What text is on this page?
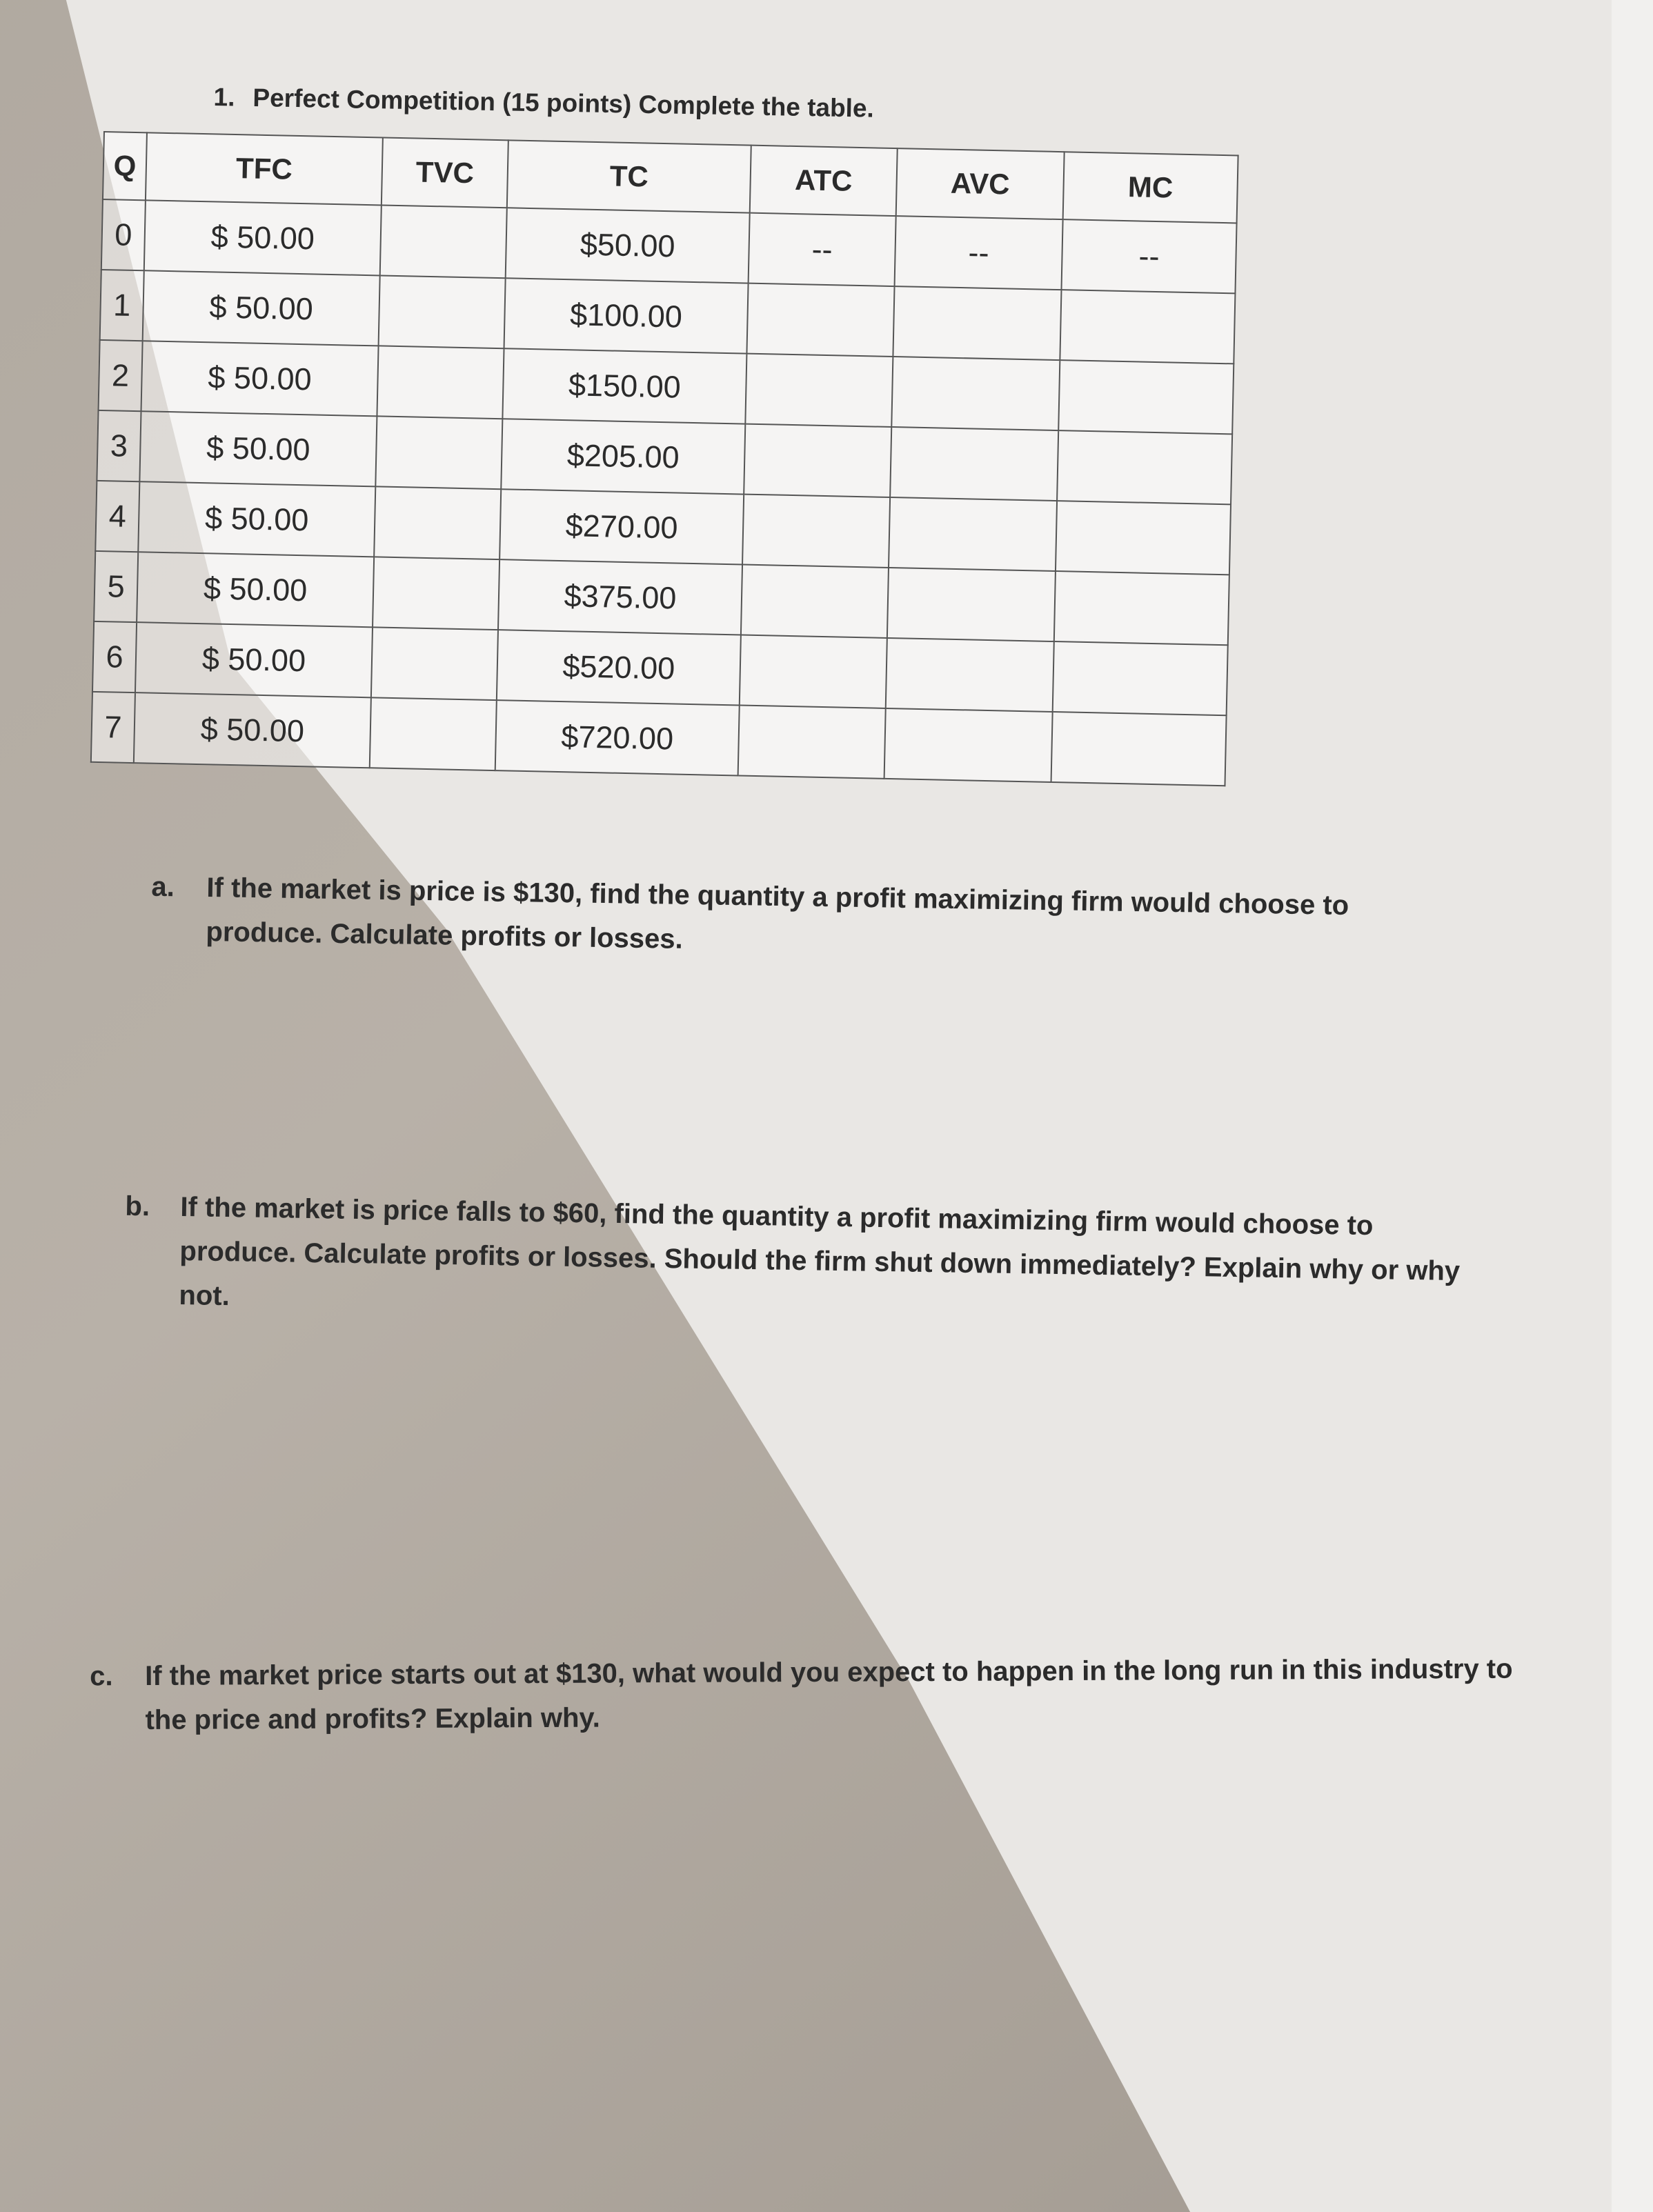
1. Perfect Competition (15 points) Complete the table.
Q	TFC	TVC	TC	ATC	AVC	MC
0	$ 50.00		$50.00	--	--	--
1	$ 50.00		$100.00			
2	$ 50.00		$150.00			
3	$ 50.00		$205.00			
4	$ 50.00		$270.00			
5	$ 50.00		$375.00			
6	$ 50.00		$520.00			
7	$ 50.00		$720.00			
a. If the market is price is $130, find the quantity a profit maximizing firm would choose to produce. Calculate profits or losses.
b. If the market is price falls to $60, find the quantity a profit maximizing firm would choose to produce. Calculate profits or losses. Should the firm shut down immediately? Explain why or why not.
c. If the market price starts out at $130, what would you expect to happen in the long run in this industry to the price and profits? Explain why.
